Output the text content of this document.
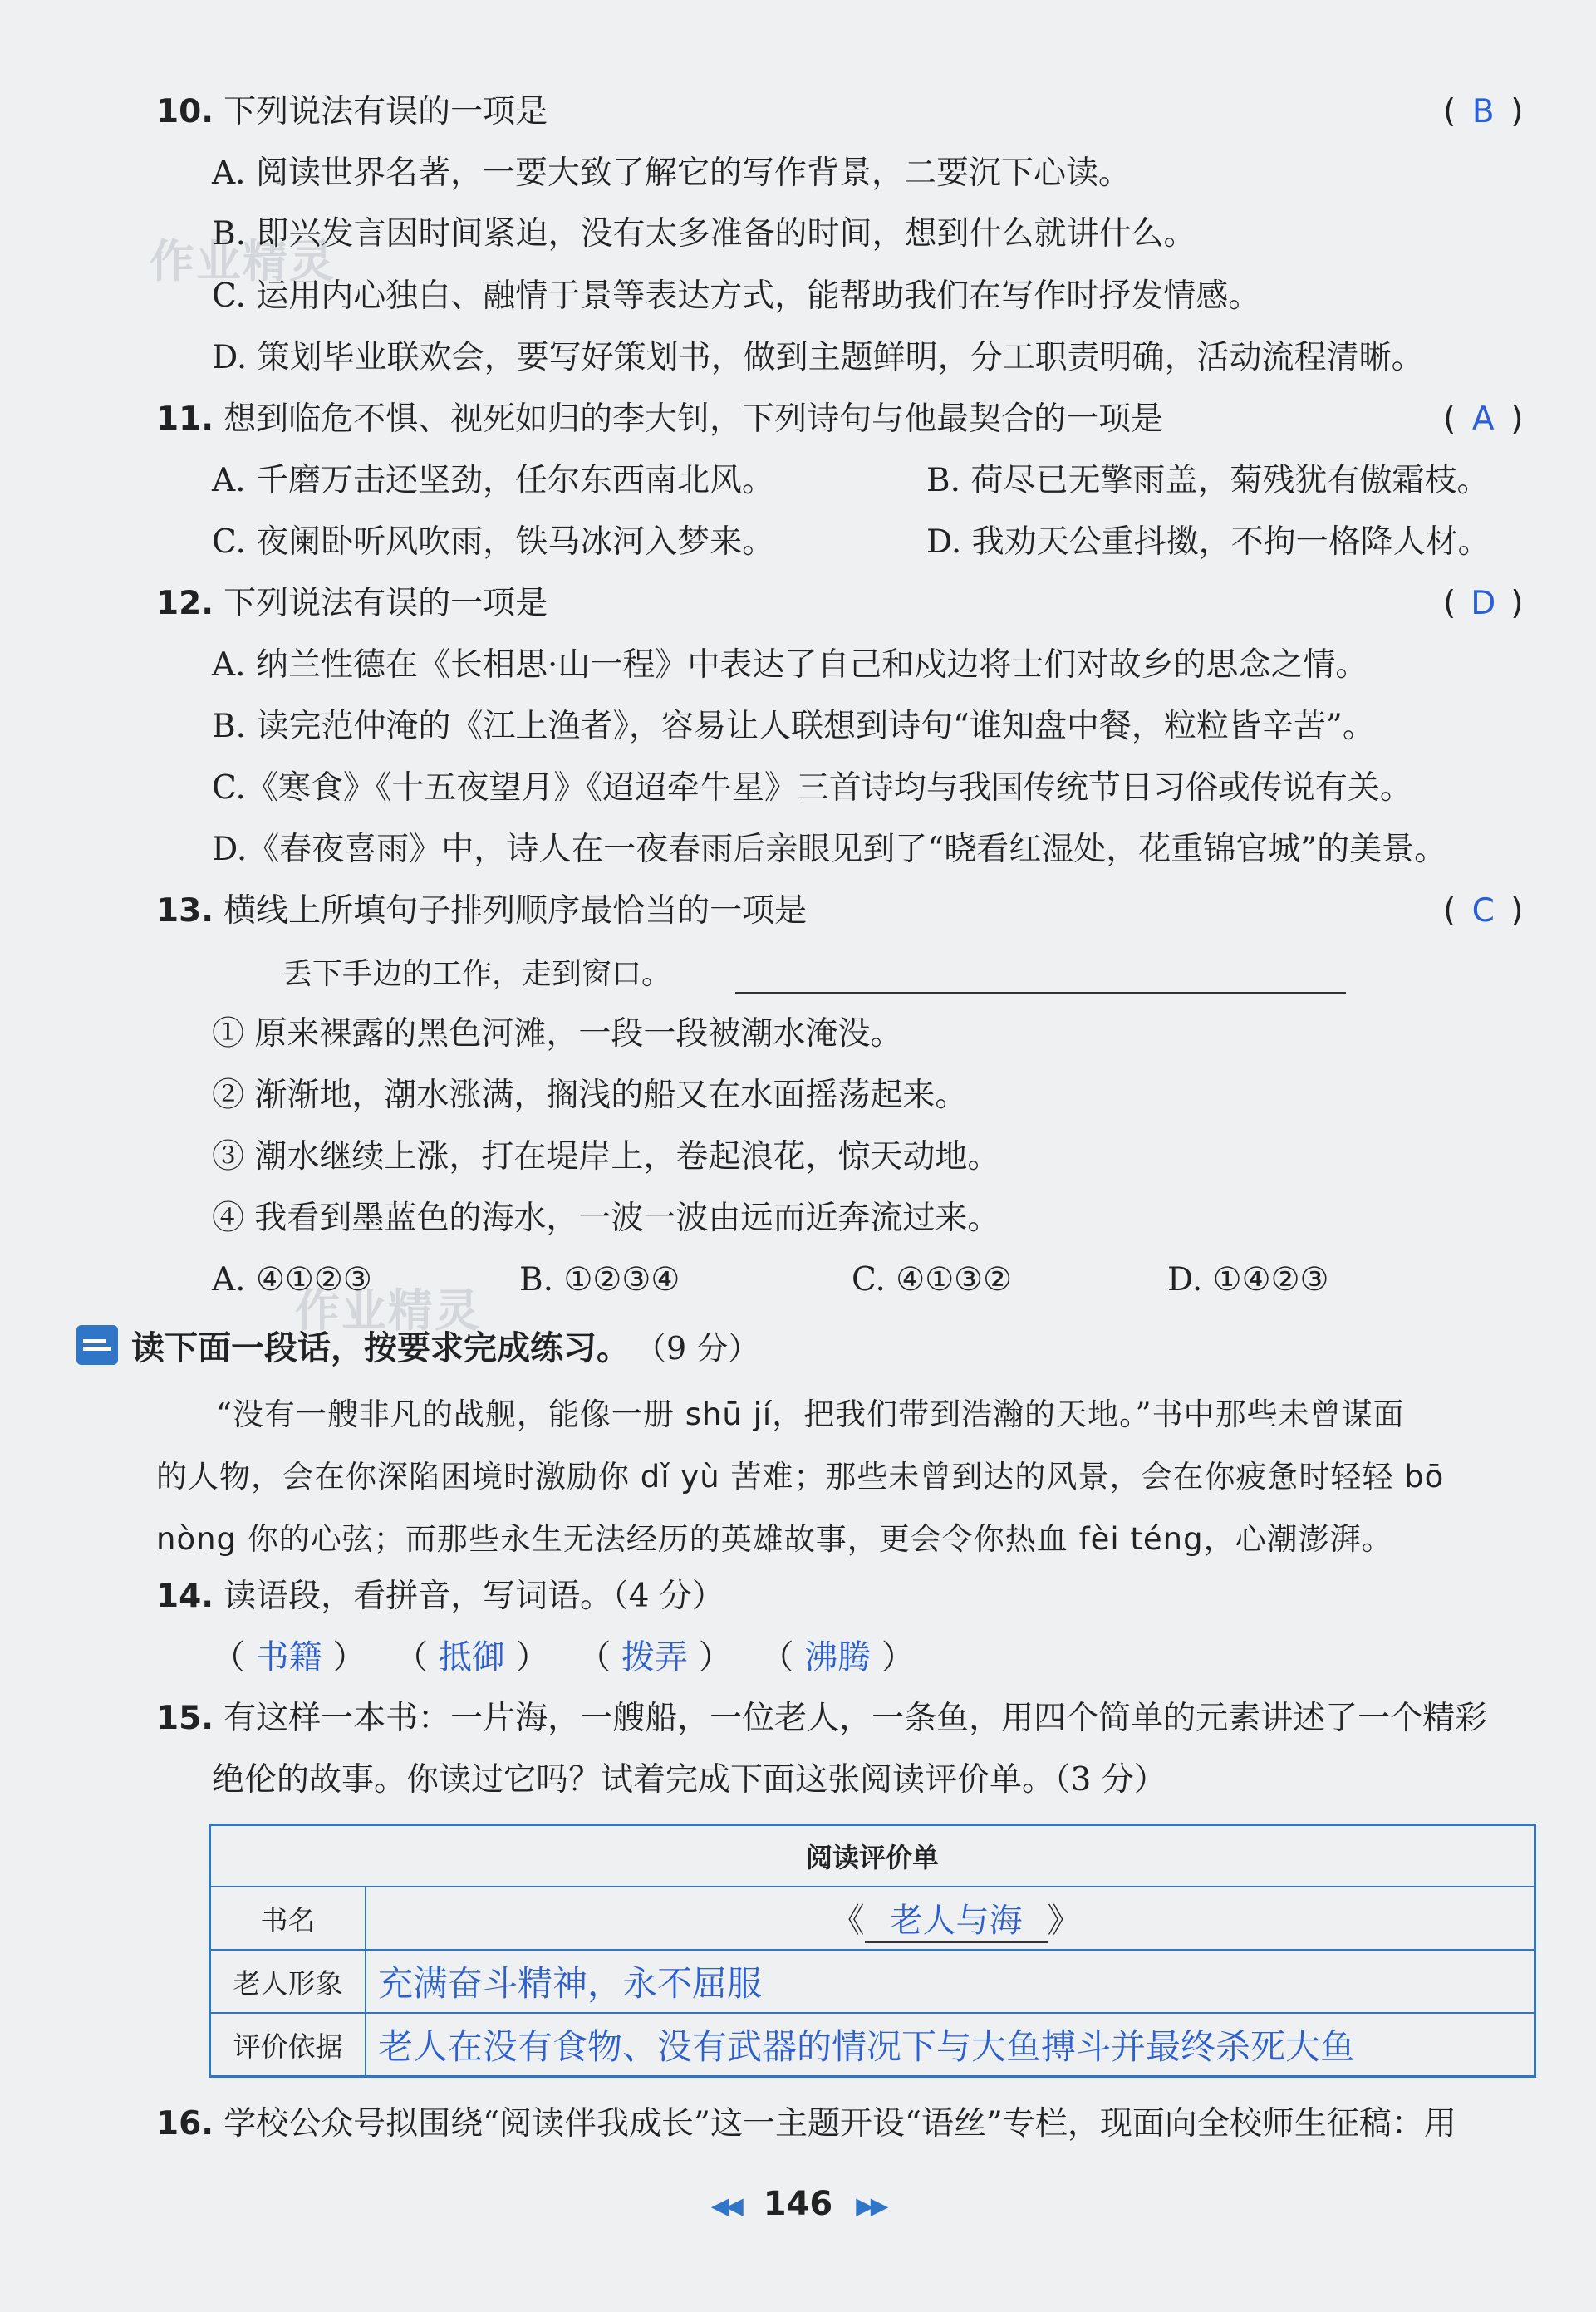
作业精灵
作业精灵
10. 下列说法有误的一项是	( B )
A. 阅读世界名著，一要大致了解它的写作背景，二要沉下心读。
B. 即兴发言因时间紧迫，没有太多准备的时间，想到什么就讲什么。
C. 运用内心独白、融情于景等表达方式，能帮助我们在写作时抒发情感。
D. 策划毕业联欢会，要写好策划书，做到主题鲜明，分工职责明确，活动流程清晰。
11. 想到临危不惧、视死如归的李大钊，下列诗句与他最契合的一项是	( A )
A. 千磨万击还坚劲，任尔东西南北风。	B. 荷尽已无擎雨盖，菊残犹有傲霜枝。
C. 夜阑卧听风吹雨，铁马冰河入梦来。	D. 我劝天公重抖擞，不拘一格降人材。
12. 下列说法有误的一项是	( D )
A. 纳兰性德在《长相思·山一程》中表达了自己和戍边将士们对故乡的思念之情。
B. 读完范仲淹的《江上渔者》，容易让人联想到诗句“谁知盘中餐，粒粒皆辛苦”。
C.《寒食》《十五夜望月》《迢迢牵牛星》三首诗均与我国传统节日习俗或传说有关。
D.《春夜喜雨》中，诗人在一夜春雨后亲眼见到了“晓看红湿处，花重锦官城”的美景。
13. 横线上所填句子排列顺序最恰当的一项是	( C )
丢下手边的工作，走到窗口。
① 原来裸露的黑色河滩，一段一段被潮水淹没。
② 渐渐地，潮水涨满，搁浅的船又在水面摇荡起来。
③ 潮水继续上涨，打在堤岸上，卷起浪花，惊天动地。
④ 我看到墨蓝色的海水，一波一波由远而近奔流过来。
A. ④①②③	B. ①②③④	C. ④①③②	D. ①④②③
读下面一段话，按要求完成练习。 （9 分）
“没有一艘非凡的战舰，能像一册 shū jí，把我们带到浩瀚的天地。”书中那些未曾谋面
的人物，会在你深陷困境时激励你 dǐ yù 苦难；那些未曾到达的风景，会在你疲惫时轻轻 bō
nòng 你的心弦；而那些永生无法经历的英雄故事，更会令你热血 fèi téng，心潮澎湃。
14. 读语段，看拼音，写词语。（4 分）
（ 书籍 ） （ 抵御 ） （ 拨弄 ） （ 沸腾 ）
15. 有这样一本书：一片海，一艘船，一位老人，一条鱼，用四个简单的元素讲述了一个精彩
绝伦的故事。你读过它吗？试着完成下面这张阅读评价单。（3 分）
阅读评价单	
书名	《 老人与海 》
老人形象	充满奋斗精神，永不屈服
评价依据	老人在没有食物、没有武器的情况下与大鱼搏斗并最终杀死大鱼
16. 学校公众号拟围绕“阅读伴我成长”这一主题开设“语丝”专栏，现面向全校师生征稿：用
◀◀ 146 ▶▶
